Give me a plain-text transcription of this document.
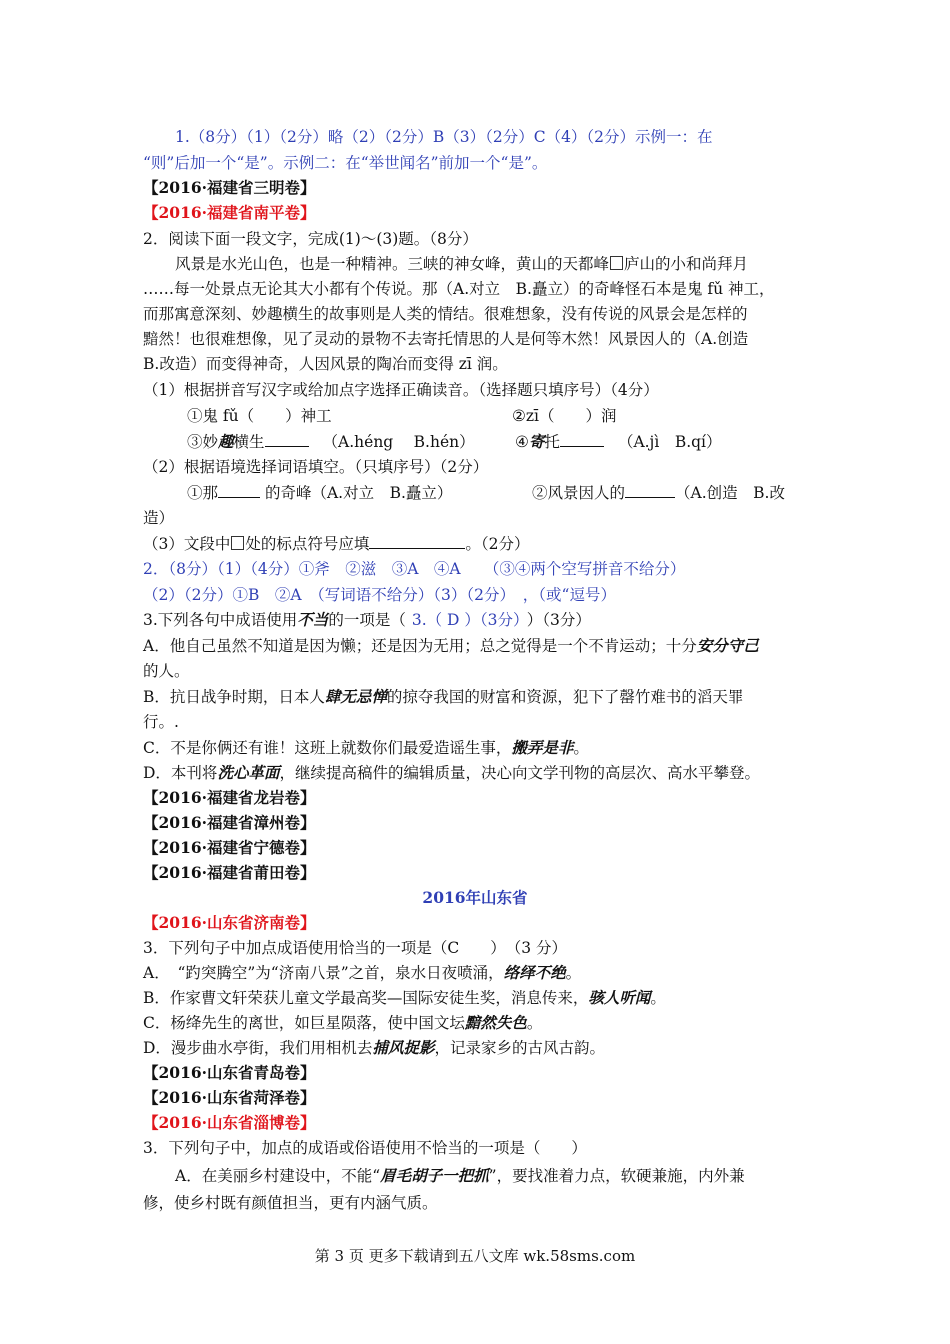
1.（8分）（1）（2分）略（2）（2分）B（3）（2分）C（4）（2分）示例一：在
“则”后加一个“是”。示例二：在“举世闻名”前加一个“是”。
【2016·福建省三明卷】
【2016·福建省南平卷】
2．阅读下面一段文字，完成(1)～(3)题。（8分）
风景是水光山色，也是一种精神。三峡的神女峰，黄山的天都峰 庐山的小和尚拜月
……每一处景点无论其大小都有个传说。那（A.对立　B.矗立）的奇峰怪石本是鬼 fǔ 神工，
而那寓意深刻、妙趣横生的故事则是人类的情结。很难想象，没有传说的风景会是怎样的
黯然！也很难想像，见了灵动的景物不去寄托情思的人是何等木然！风景因人的（A.创造
B.改造）而变得神奇，人因风景的陶冶而变得 zī 润。
（1）根据拼音写汉字或给加点字选择正确读音。（选择题只填序号）（4分）
①鬼 fǔ（　　）神工	②zī（　　）润
③妙趣横生	（A.héng　 B.hén）	④寄托	（A.jì　B.qí）
（2）根据语境选择词语填空。（只填序号）（2分）
①那	的奇峰（A.对立　B.矗立）	②风景因人的	（A.创造　B.改
造）
（3）文段中 处的标点符号应填	。（2分）
2．（8分）（1）（4分）①斧　②滋　③A　④A　　（③④两个空写拼音不给分）
（2）（2分）①B　②A　（写词语不给分）（3）（2分）　，（或“逗号）
3.下列各句中成语使用不当的一项是（ 3.（ D ）（3分） ）（3分）
A．他自己虽然不知道是因为懒；还是因为无用；总之觉得是一个不肯运动；十分安分守己
的人。
B．抗日战争时期，日本人肆无忌惮的掠夺我国的财富和资源，犯下了罄竹难书的滔天罪
行。.
C．不是你俩还有谁！这班上就数你们最爱造谣生事，搬弄是非。
D．本刊将洗心革面，继续提高稿件的编辑质量，决心向文学刊物的高层次、高水平攀登。
【2016·福建省龙岩卷】
【2016·福建省漳州卷】
【2016·福建省宁德卷】
【2016·福建省莆田卷】
2016年山东省
【2016·山东省济南卷】
3．下列句子中加点成语使用恰当的一项是（C　　）　（3 分）
A．　“趵突腾空”为“济南八景”之首，泉水日夜喷涌，络绎不绝。
B．作家曹文轩荣获儿童文学最高奖—国际安徒生奖，消息传来，骇人听闻。
C．杨绛先生的离世，如巨星陨落，使中国文坛黯然失色。
D．漫步曲水亭街，我们用相机去捕风捉影，记录家乡的古风古韵。
【2016·山东省青岛卷】
【2016·山东省菏泽卷】
【2016·山东省淄博卷】
3．下列句子中，加点的成语或俗语使用不恰当的一项是（　　）
A．在美丽乡村建设中，不能“眉毛胡子一把抓”，要找准着力点，软硬兼施，内外兼
修，使乡村既有颜值担当，更有内涵气质。
第 3 页 更多下载请到五八文库 wk.58sms.com
